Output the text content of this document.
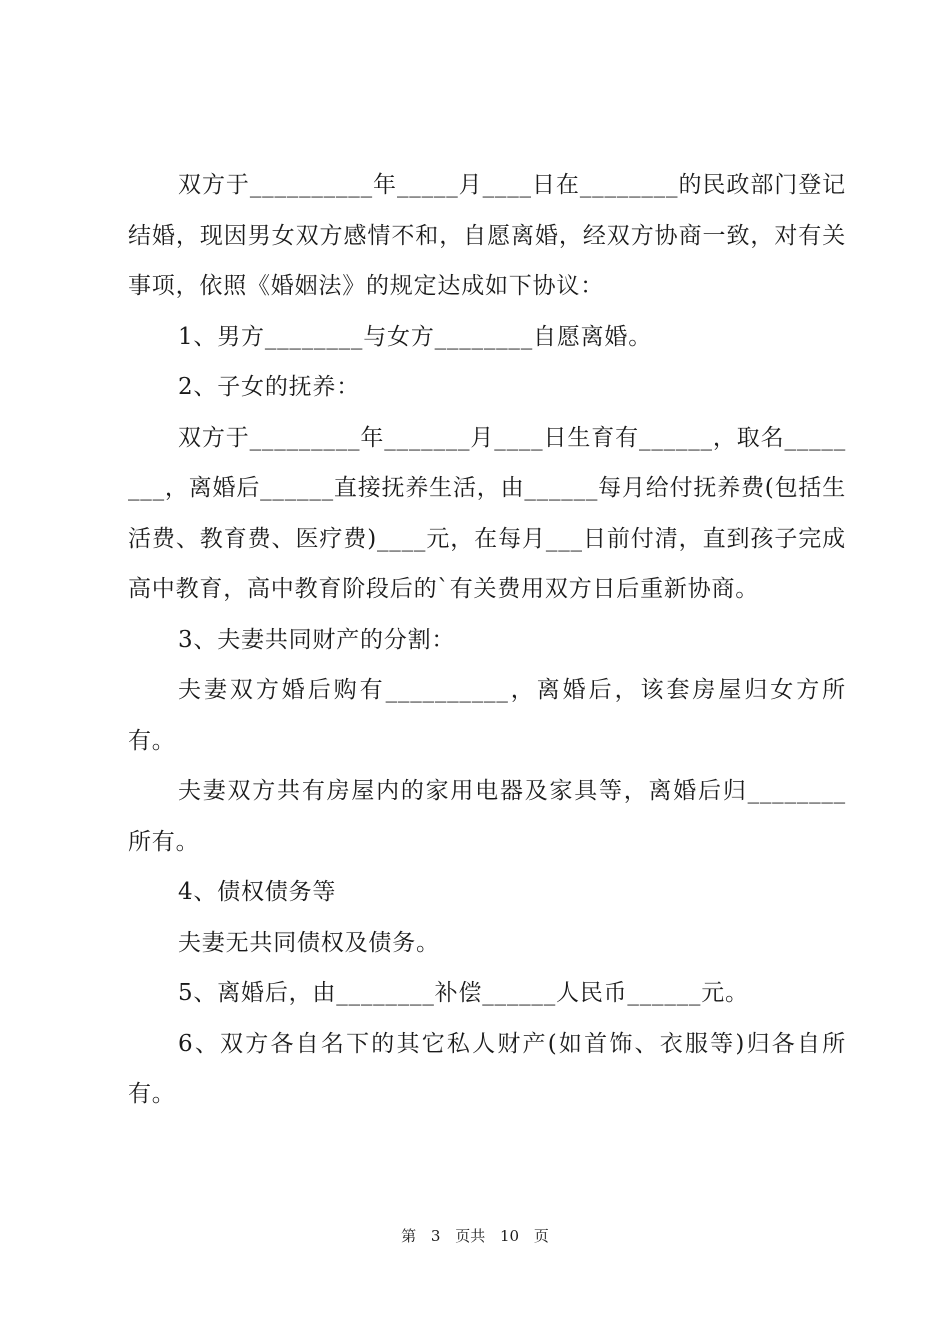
双方于__________年_____月____日在________的民政部门登记结婚，现因男女双方感情不和，自愿离婚，经双方协商一致，对有关事项，依照《婚姻法》的规定达成如下协议：

1、男方________与女方________自愿离婚。

2、子女的抚养：

双方于_________年_______月____日生育有______，取名________，离婚后______直接抚养生活，由______每月给付抚养费(包括生活费、教育费、医疗费)____元，在每月___日前付清，直到孩子完成高中教育，高中教育阶段后的`有关费用双方日后重新协商。

3、夫妻共同财产的分割：

夫妻双方婚后购有__________，离婚后，该套房屋归女方所有。

夫妻双方共有房屋内的家用电器及家具等，离婚后归________所有。

4、债权债务等

夫妻无共同债权及债务。

5、离婚后，由________补偿______人民币______元。

6、双方各自名下的其它私人财产(如首饰、衣服等)归各自所有。

第 3 页共 10 页
